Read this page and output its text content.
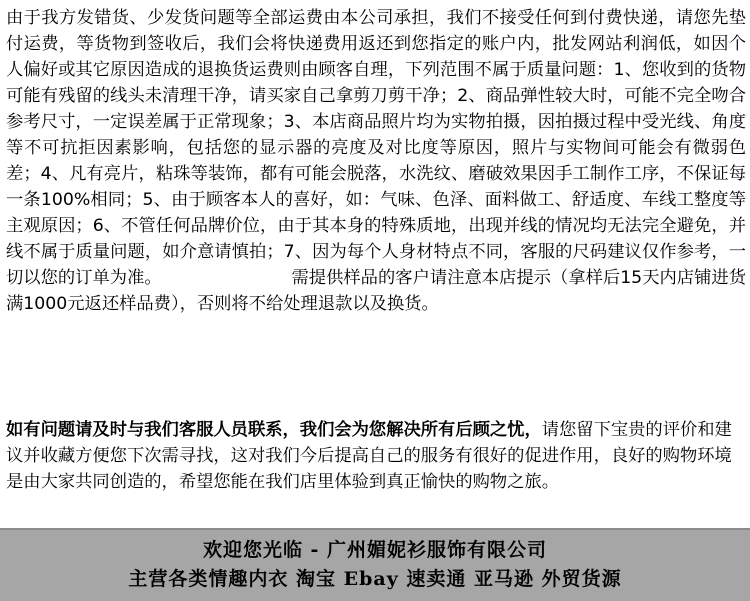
由于我方发错货、少发货问题等全部运费由本公司承担，我们不接受任何到付费快递，请您先垫付运费，等货物到签收后，我们会将快递费用返还到您指定的账户内，批发网站利润低，如因个人偏好或其它原因造成的退换货运费则由顾客自理，下列范围不属于质量问题：1、您收到的货物可能有残留的线头未清理干净，请买家自己拿剪刀剪干净；2、商品弹性较大时，可能不完全吻合参考尺寸，一定误差属于正常现象；3、本店商品照片均为实物拍摄，因拍摄过程中受光线、角度等不可抗拒因素影响，包括您的显示器的亮度及对比度等原因，照片与实物间可能会有微弱色差；4、凡有亮片，粘珠等装饰，都有可能会脱落，水洗纹、磨破效果因手工制作工序，不保证每一条100%相同；5、由于顾客本人的喜好，如：气味、色泽、面料做工、舒适度、车线工整度等主观原因；6、不管任何品牌价位，由于其本身的特殊质地，出现并线的情况均无法完全避免，并线不属于质量问题，如介意请慎拍；7、因为每个人身材特点不同，客服的尺码建议仅作参考，一切以您的订单为准。　　　　　　　　需提供样品的客户请注意本店提示（拿样后15天内店铺进货满1000元返还样品费），否则将不给处理退款以及换货。

如有问题请及时与我们客服人员联系，我们会为您解决所有后顾之忧，请您留下宝贵的评价和建议并收藏方便您下次需寻找，这对我们今后提高自己的服务有很好的促进作用，良好的购物环境是由大家共同创造的，希望您能在我们店里体验到真正愉快的购物之旅。

欢迎您光临 - 广州媚妮衫服饰有限公司
主营各类情趣内衣 淘宝 Ebay 速卖通 亚马逊 外贸货源
